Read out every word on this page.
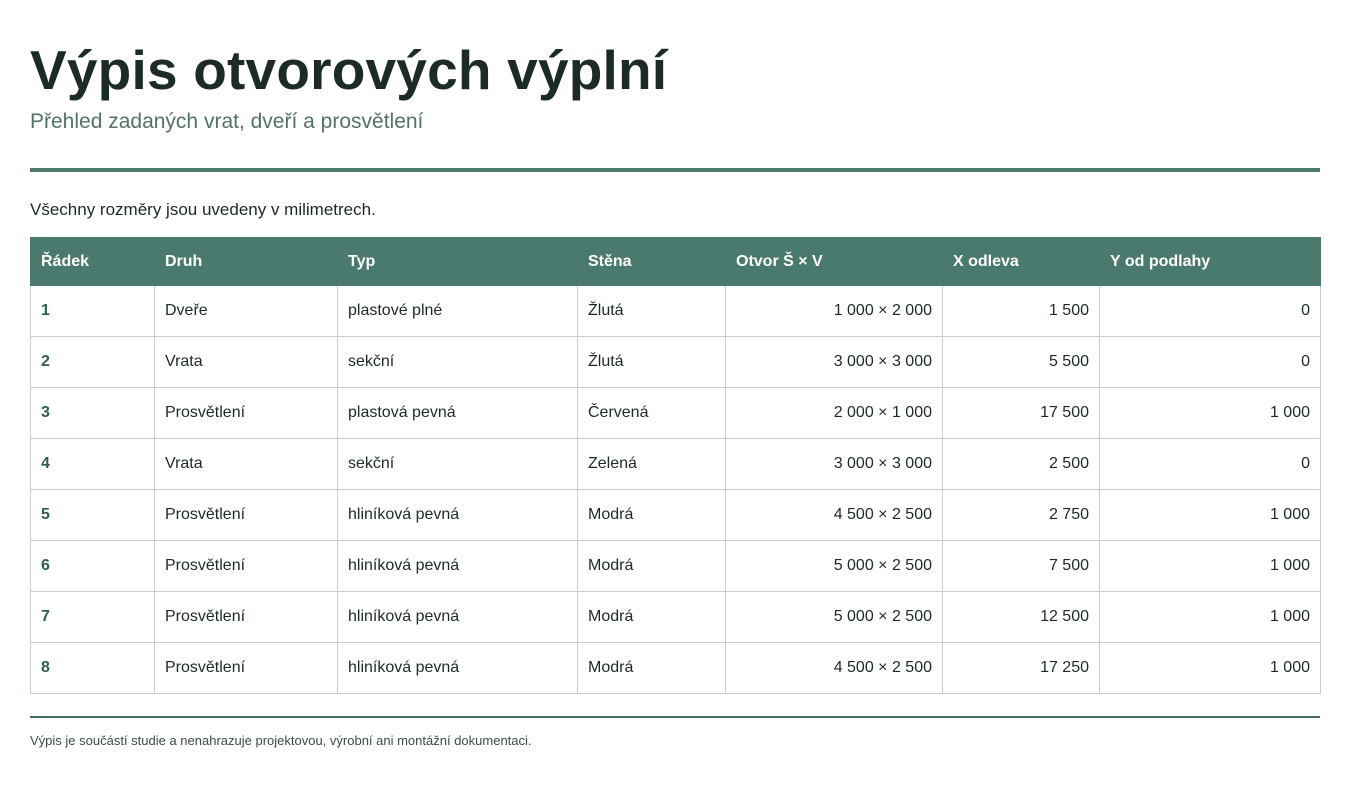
Výpis otvorových výplní
Přehled zadaných vrat, dveří a prosvětlení

Všechny rozměry jsou uvedeny v milimetrech.

Řádek	Druh	Typ	Stěna	Otvor Š × V	X odleva	Y od podlahy
1	Dveře	plastové plné	Žlutá	1 000 × 2 000	1 500	0
2	Vrata	sekční	Žlutá	3 000 × 3 000	5 500	0
3	Prosvětlení	plastová pevná	Červená	2 000 × 1 000	17 500	1 000
4	Vrata	sekční	Zelená	3 000 × 3 000	2 500	0
5	Prosvětlení	hliníková pevná	Modrá	4 500 × 2 500	2 750	1 000
6	Prosvětlení	hliníková pevná	Modrá	5 000 × 2 500	7 500	1 000
7	Prosvětlení	hliníková pevná	Modrá	5 000 × 2 500	12 500	1 000
8	Prosvětlení	hliníková pevná	Modrá	4 500 × 2 500	17 250	1 000

Výpis je součástí studie a nenahrazuje projektovou, výrobní ani montážní dokumentaci.
